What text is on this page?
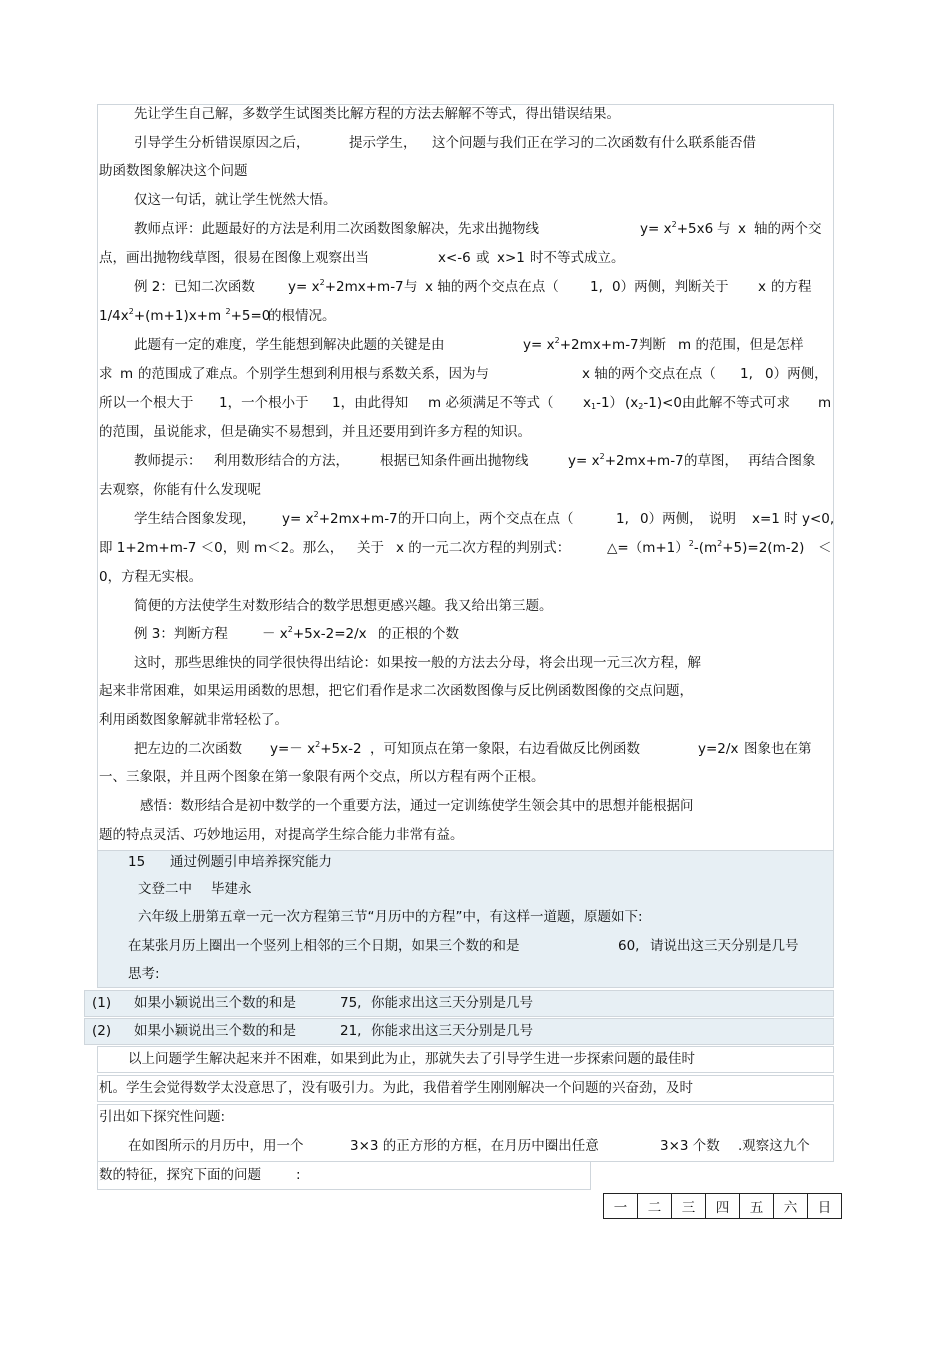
先让学生自己解，多数学生试图类比解方程的方法去解解不等式，得出错误结果。
引导学生分析错误原因之后，	提示学生， 这个问题与我们正在学习的二次函数有什么联系能否借
助函数图象解决这个问题
仅这一句话，就让学生恍然大悟。
教师点评：此题最好的方法是利用二次函数图象解决，先求出抛物线	$y= x^2+5x6$ 与 x 轴的两个交
点，画出抛物线草图，很易在图像上观察出当	x<-6 或 x>1 时不等式成立。
例 2：已知二次函数 $y= x^2+2mx+m-7$ 与 x 轴的两个交点在点（ 1, 0）两侧，判断关于 x 的方程
$1/4x^2+(m+1)x+m$ $^2$+5=0
的根情况。
此题有一定的难度，学生能想到解决此题的关键是由	$y= x^2+2mx+m-7$ 判断 m 的范围，但是怎样
求 m 的范围成了难点。个别学生想到利用根与系数关系，因为与	x 轴的两个交点在点（ 1, 0）两侧，
所以一个根大于 1，一个根小于 1，由此得知 m 必须满足不等式（ $x_1-1$） $(x_2-1)<0$.
由此解不等式可求 m
的范围，虽说能求，但是确实不易想到，并且还要用到许多方程的知识。
教师提示： 利用数形结合的方法， 根据已知条件画出抛物线	$y= x^2+2mx+m-7$ 的草图， 再结合图象
去观察，你能有什么发现呢
学生结合图象发现， $y= x^2+2mx+m-7$ 的开口向上，两个交点在点（	1, 0）两侧， 说明 x=1 时 y<0,
即 1+2m+m-7 ＜0，则 m＜2。那么， 关于 x 的一元二次方程的判别式：	$\triangle=(m+1)^2-(m^2+5)=2(m-2)$ ＜
0，方程无实根。
简便的方法使学生对数形结合的数学思想更感兴趣。我又给出第三题。
例 3：判断方程	－ $x^2+5x-2=2/x$ 的正根的个数
这时，那些思维快的同学很快得出结论：如果按一般的方法去分母，将会出现一元三次方程，解
起来非常困难，如果运用函数的思想，把它们看作是求二次函数图像与反比例函数图像的交点问题，
利用函数图象解就非常轻松了。
把左边的二次函数 $y=- x^2+5x-2$ ，可知顶点在第一象限，右边看做反比例函数	y=2/x 图象也在第
一、三象限，并且两个图象在第一象限有两个交点，所以方程有两个正根。
感悟：数形结合是初中数学的一个重要方法，通过一定训练使学生领会其中的思想并能根据问
题的特点灵活、巧妙地运用，对提高学生综合能力非常有益。
15 通过例题引申培养探究能力
文登二中 毕建永
六年级上册第五章一元一次方程第三节“月历中的方程”中，有这样一道题，原题如下:
在某张月历上圈出一个竖列上相邻的三个日期，如果三个数的和是	60, 请说出这三天分别是几号
思考:
(1) 如果小颖说出三个数的和是	75, 你能求出这三天分别是几号
(2) 如果小颖说出三个数的和是	21, 你能求出这三天分别是几号
以上问题学生解决起来并不困难，如果到此为止，那就失去了引导学生进一步探索问题的最佳时
机。学生会觉得数学太没意思了，没有吸引力。为此，我借着学生刚刚解决一个问题的兴奋劲，及时
引出如下探究性问题:
在如图所示的月历中，用一个	3×3 的正方形的方框，在月历中圈出任意	3×3 个数 .观察这九个
数的特征，探究下面的问题	:
一	二	三	四	五	六	日
